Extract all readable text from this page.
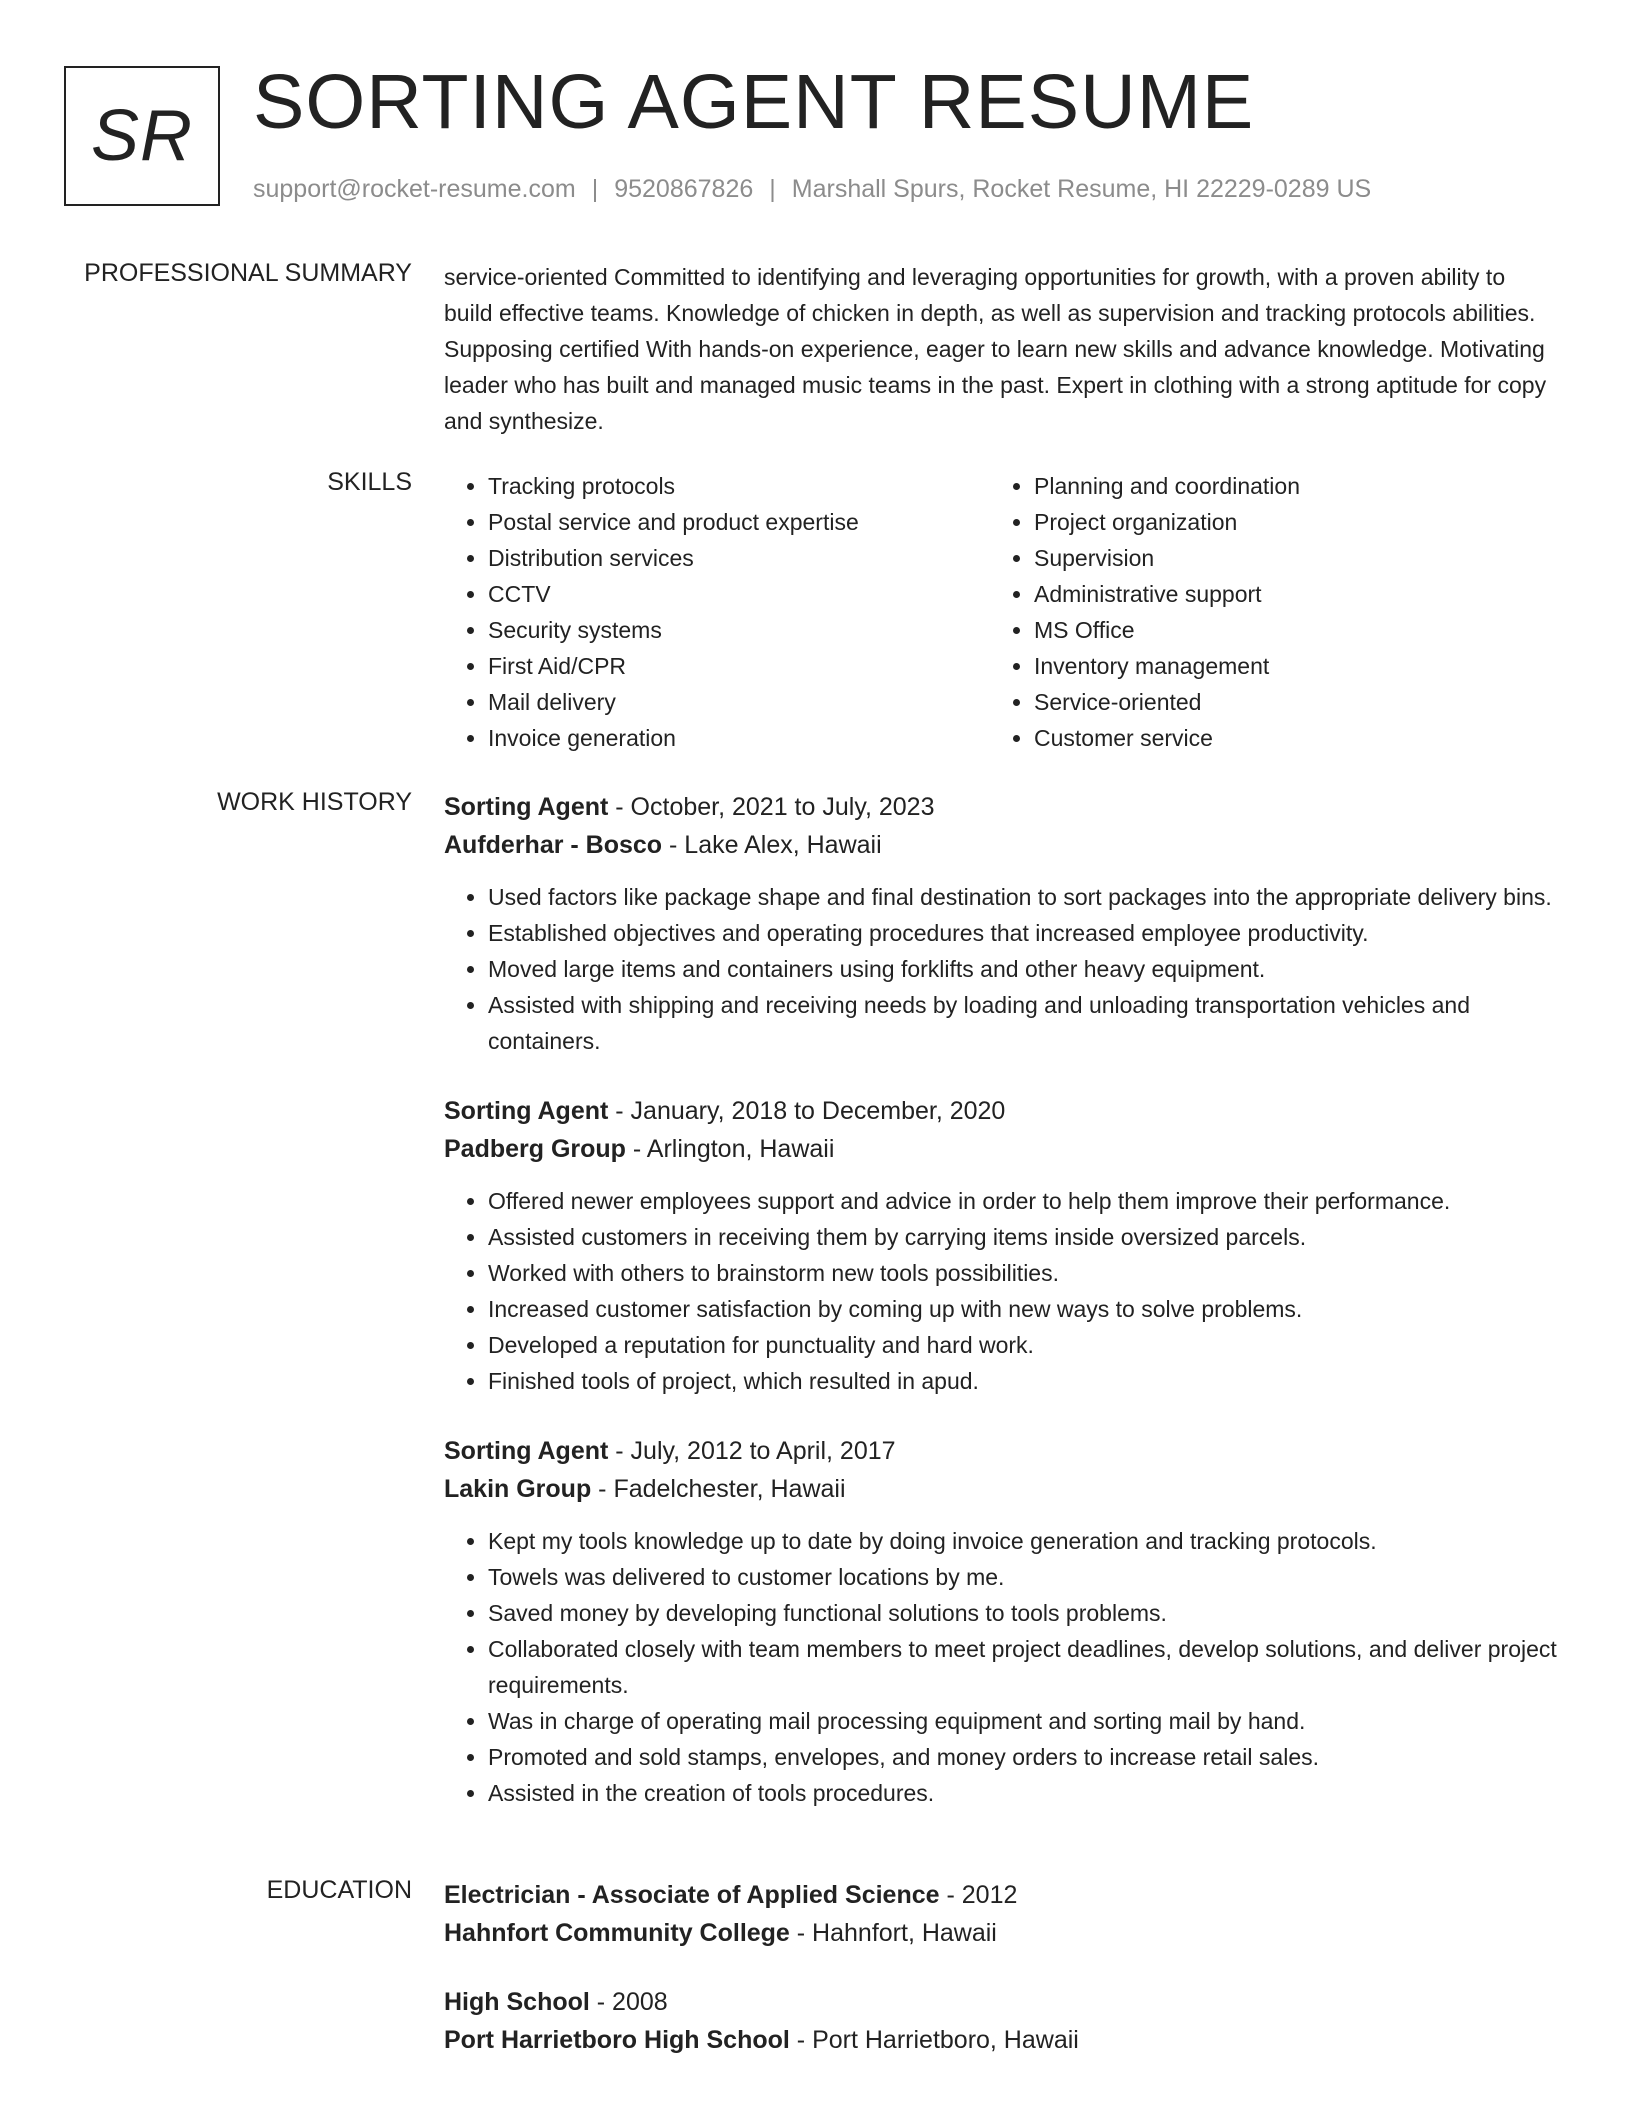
SR SORTING AGENT RESUME
support@rocket-resume.com | 9520867826 | Marshall Spurs, Rocket Resume, HI 22229-0289 US
PROFESSIONAL SUMMARY service-oriented Committed to identifying and leveraging opportunities for growth, with a proven ability to build effective teams. Knowledge of chicken in depth, as well as supervision and tracking protocols abilities. Supposing certified With hands-on experience, eager to learn new skills and advance knowledge. Motivating leader who has built and managed music teams in the past. Expert in clothing with a strong aptitude for copy and synthesize.

SKILLS
•	Tracking protocols
• Postal service and product expertise
• Distribution services
• CCTV
• Security systems
• First Aid/CPR
• Mail delivery
• Invoice generation
• Planning and coordination
• Project organization
• Supervision
• Administrative support
• MS Office
• Inventory management
• Service-oriented
• Customer service
WORK HISTORY Sorting Agent - October, 2021 to July, 2023
Aufderhar - Bosco - Lake Alex, Hawaii
• Used factors like package shape and final destination to sort packages into the appropriate delivery bins.
• Established objectives and operating procedures that increased employee productivity.
• Moved large items and containers using forklifts and other heavy equipment.
• Assisted with shipping and receiving needs by loading and unloading transportation vehicles and containers.
Sorting Agent - January, 2018 to December, 2020
Padberg Group - Arlington, Hawaii
• Offered newer employees support and advice in order to help them improve their performance.
• Assisted customers in receiving them by carrying items inside oversized parcels.
• Worked with others to brainstorm new tools possibilities.
• Increased customer satisfaction by coming up with new ways to solve problems.
• Developed a reputation for punctuality and hard work.
• Finished tools of project, which resulted in apud.
Sorting Agent - July, 2012 to April, 2017
Lakin Group - Fadelchester, Hawaii
• Kept my tools knowledge up to date by doing invoice generation and tracking protocols.
• Towels was delivered to customer locations by me.
• Saved money by developing functional solutions to tools problems.
• Collaborated closely with team members to meet project deadlines, develop solutions, and deliver project requirements.
• Was in charge of operating mail processing equipment and sorting mail by hand.
• Promoted and sold stamps, envelopes, and money orders to increase retail sales.
• Assisted in the creation of tools procedures.
EDUCATION Electrician - Associate of Applied Science - 2012
Hahnfort Community College - Hahnfort, Hawaii
High School - 2008
Port Harrietboro High School - Port Harrietboro, Hawaii
